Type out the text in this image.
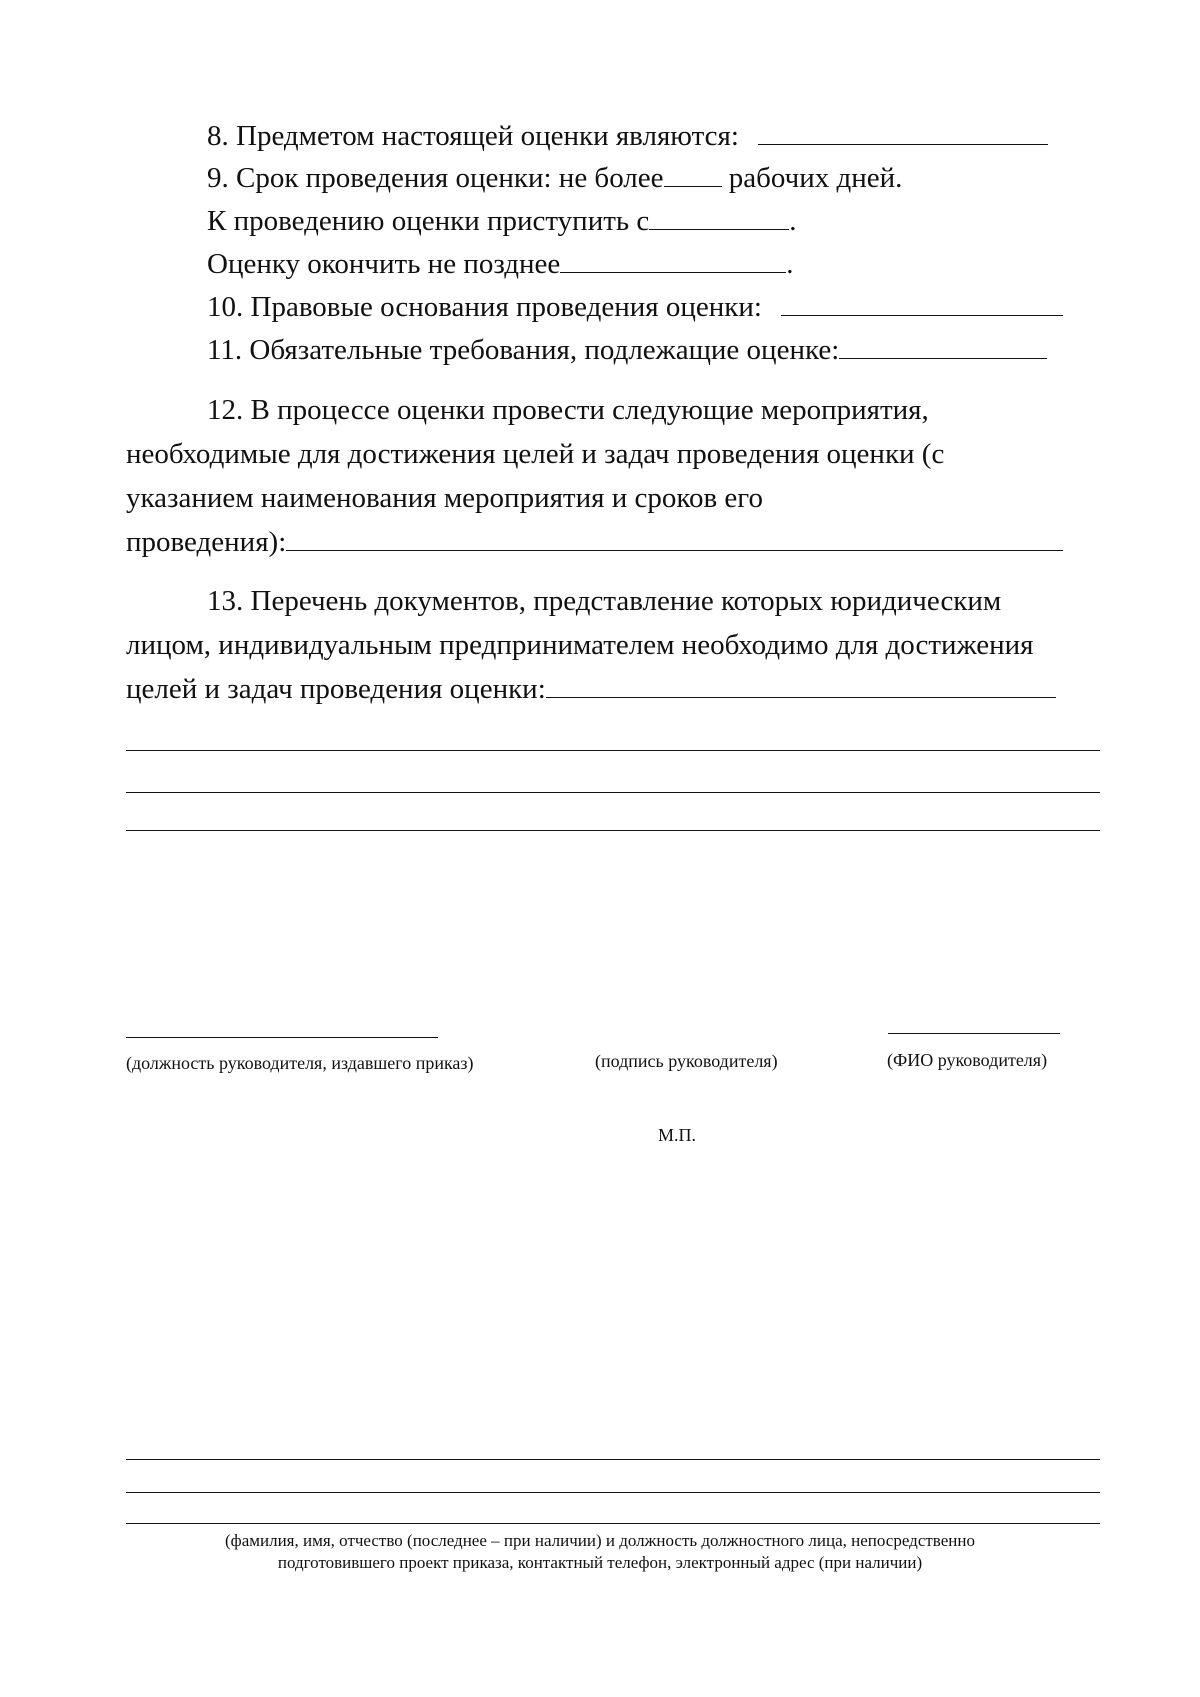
8. Предметом настоящей оценки являются:
9. Срок проведения оценки: не более рабочих дней.
К проведению оценки приступить с	.
Оценку окончить не позднее	.
10. Правовые основания проведения оценки:
11. Обязательные требования, подлежащие оценке:
12. В процессе оценки провести следующие мероприятия,
необходимые для достижения целей и задач проведения оценки (с
указанием наименования мероприятия и сроков его
проведения):
13. Перечень документов, представление которых юридическим
лицом, индивидуальным предпринимателем необходимо для достижения
целей и задач проведения оценки:
(должность руководителя, издавшего приказ)	(подпись руководителя)	(ФИО руководителя)
М.П.
(фамилия, имя, отчество (последнее – при наличии) и должность должностного лица, непосредственно
подготовившего проект приказа, контактный телефон, электронный адрес (при наличии)
